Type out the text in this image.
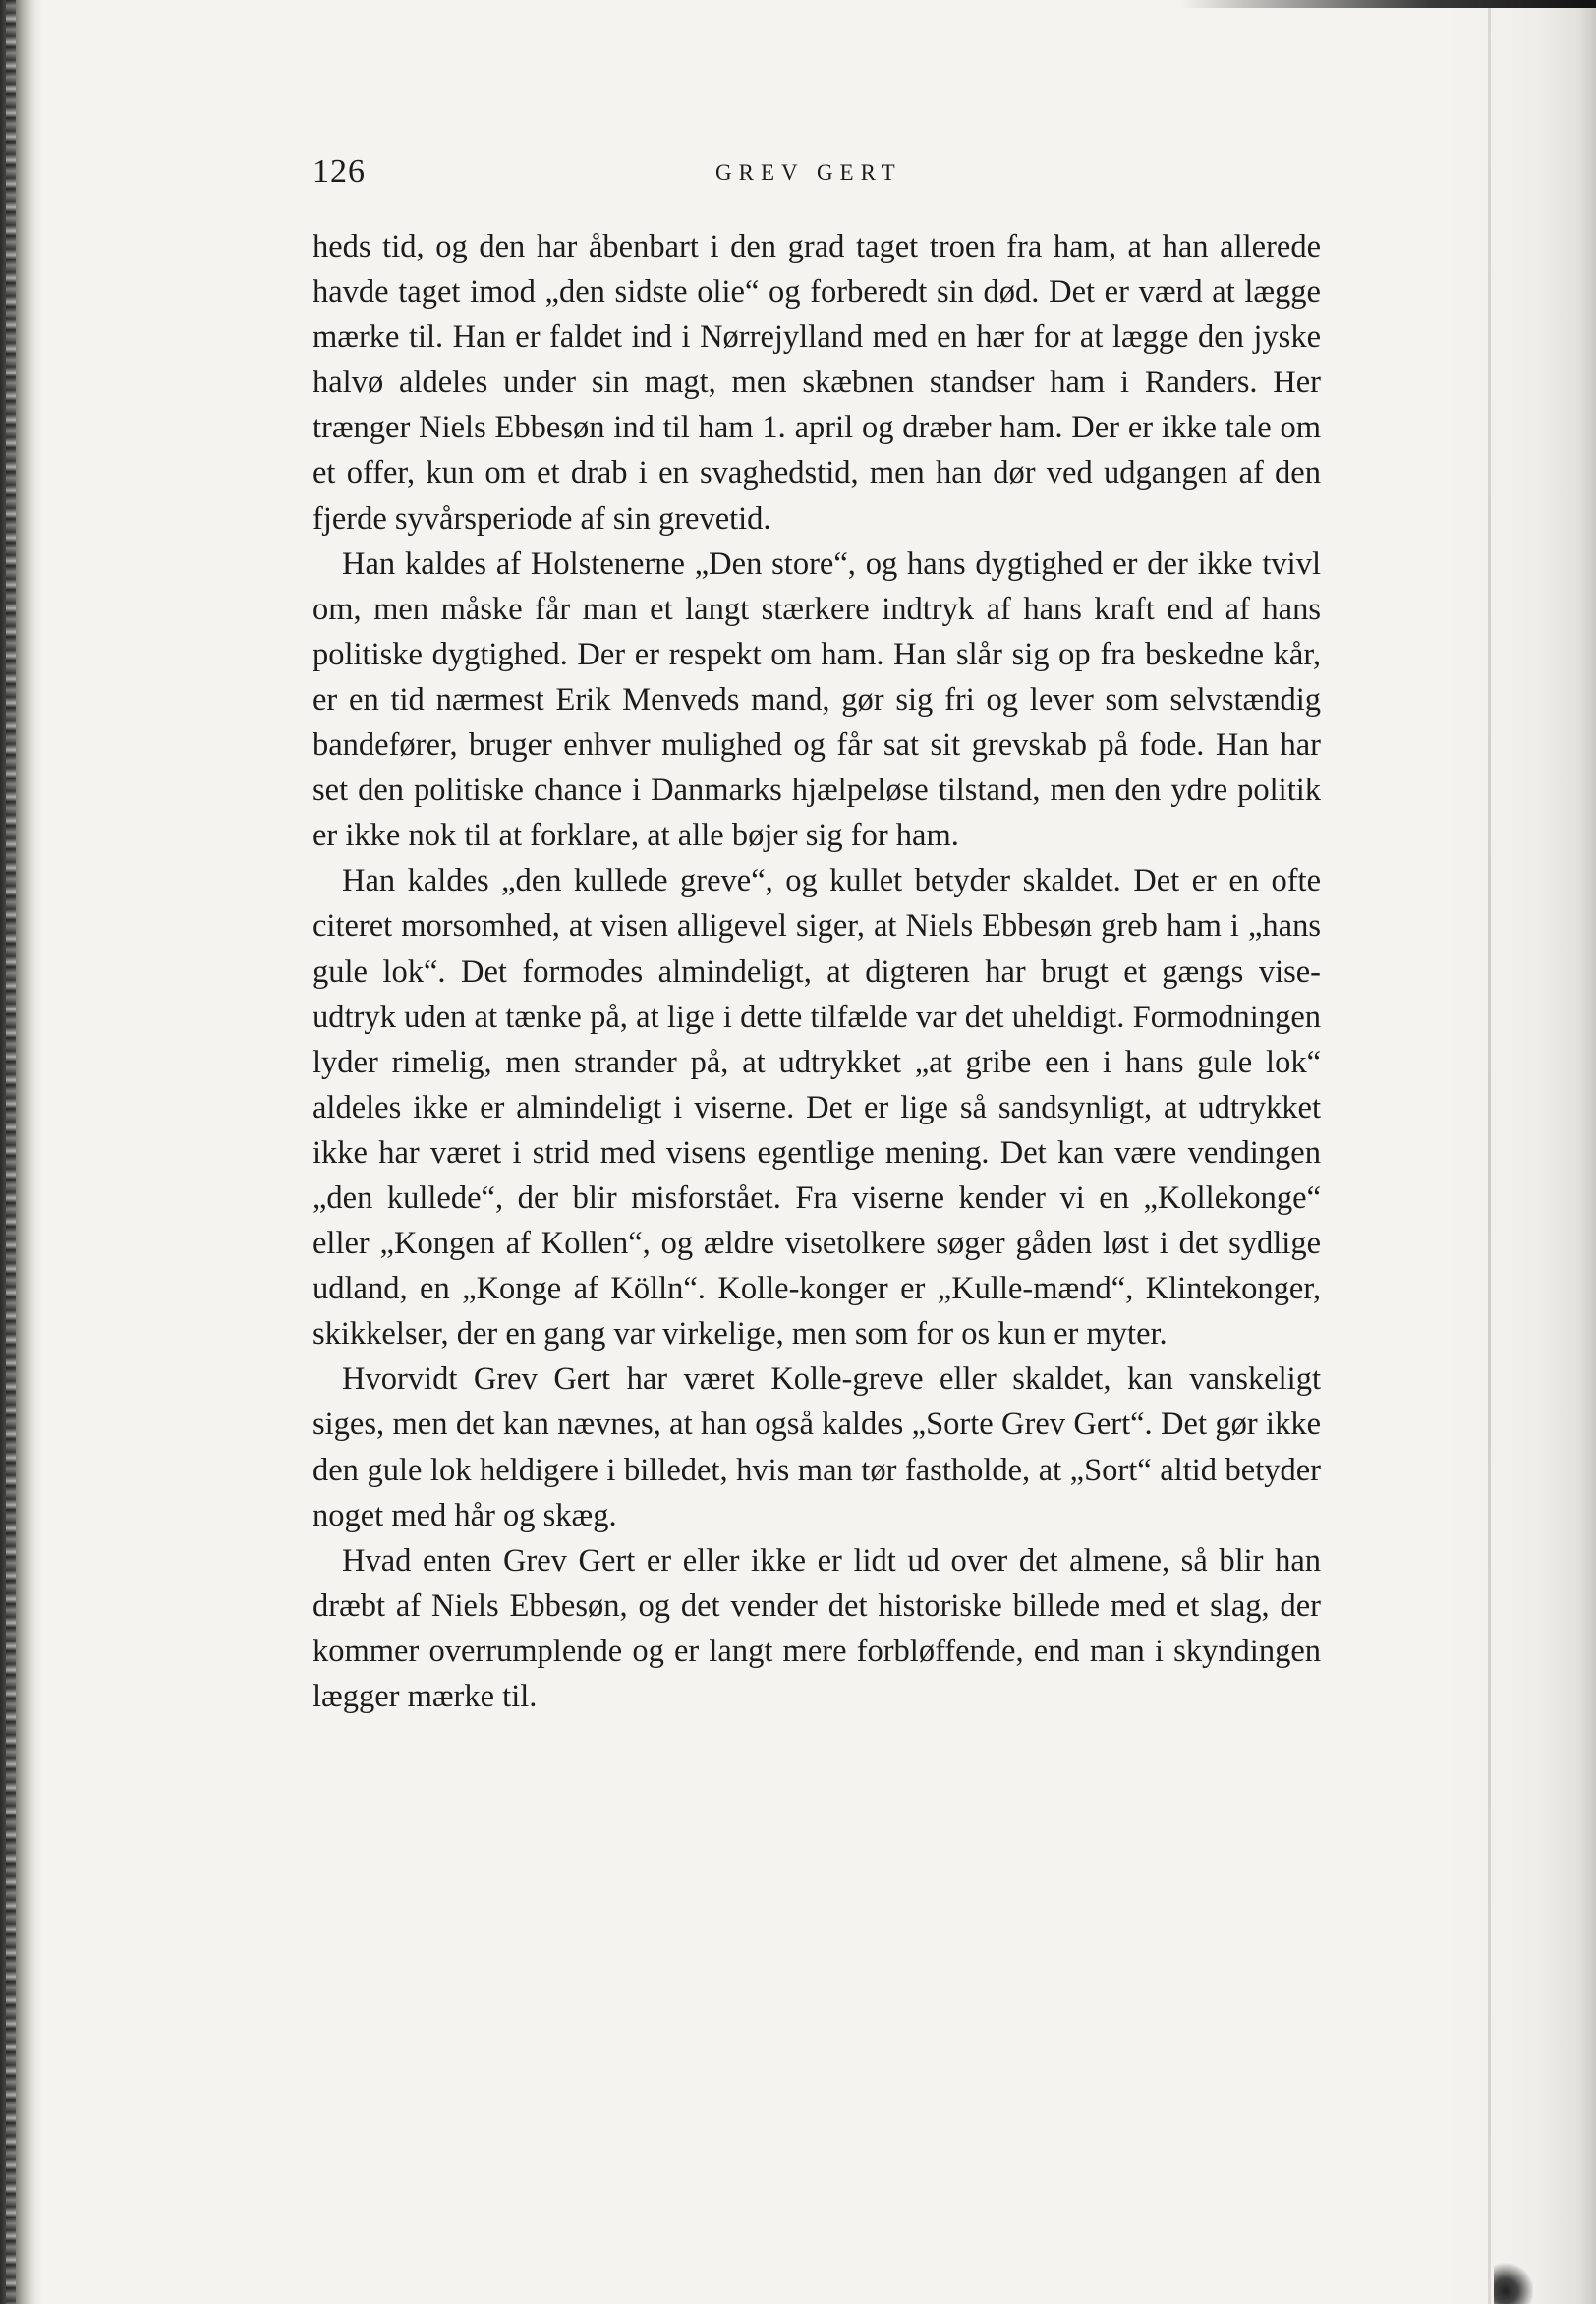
126	GREV GERT

heds tid, og den har åbenbart i den grad taget troen fra ham, at han allerede havde taget imod „den sidste olie“ og forberedt sin død. Det er værd at lægge mærke til. Han er faldet ind i Nørrejylland med en hær for at lægge den jyske halvø aldeles under sin magt, men skæbnen standser ham i Randers. Her trænger Niels Ebbesøn ind til ham 1. april og dræber ham. Der er ikke tale om et offer, kun om et drab i en svaghedstid, men han dør ved udgangen af den fjerde syvårsperiode af sin grevetid.

Han kaldes af Holstenerne „Den store“, og hans dygtighed er der ikke tvivl om, men måske får man et langt stærkere indtryk af hans kraft end af hans politiske dygtighed. Der er respekt om ham. Han slår sig op fra beskedne kår, er en tid nærmest Erik Menveds mand, gør sig fri og lever som selvstændig bandefører, bruger enhver mulighed og får sat sit grevskab på fode. Han har set den politiske chance i Danmarks hjælpeløse tilstand, men den ydre politik er ikke nok til at forklare, at alle bøjer sig for ham.

Han kaldes „den kullede greve“, og kullet betyder skaldet. Det er en ofte citeret morsomhed, at visen alligevel siger, at Niels Ebbesøn greb ham i „hans gule lok“. Det formodes almindeligt, at digteren har brugt et gængs vise-udtryk uden at tænke på, at lige i dette tilfælde var det uheldigt. Formodningen lyder rimelig, men strander på, at udtrykket „at gribe een i hans gule lok“ aldeles ikke er almindeligt i viserne. Det er lige så sandsynligt, at udtrykket ikke har været i strid med visens egentlige mening. Det kan være vendingen „den kullede“, der blir misforstået. Fra viserne kender vi en „Kollekonge“ eller „Kongen af Kollen“, og ældre visetolkere søger gåden løst i det sydlige udland, en „Konge af Kölln“. Kolle-konger er „Kulle-mænd“, Klintekonger, skikkelser, der en gang var virkelige, men som for os kun er myter.

Hvorvidt Grev Gert har været Kolle-greve eller skaldet, kan vanskeligt siges, men det kan nævnes, at han også kaldes „Sorte Grev Gert“. Det gør ikke den gule lok heldigere i billedet, hvis man tør fastholde, at „Sort“ altid betyder noget med hår og skæg.

Hvad enten Grev Gert er eller ikke er lidt ud over det almene, så blir han dræbt af Niels Ebbesøn, og det vender det historiske billede med et slag, der kommer overrumplende og er langt mere forbløffende, end man i skyndingen lægger mærke til.
